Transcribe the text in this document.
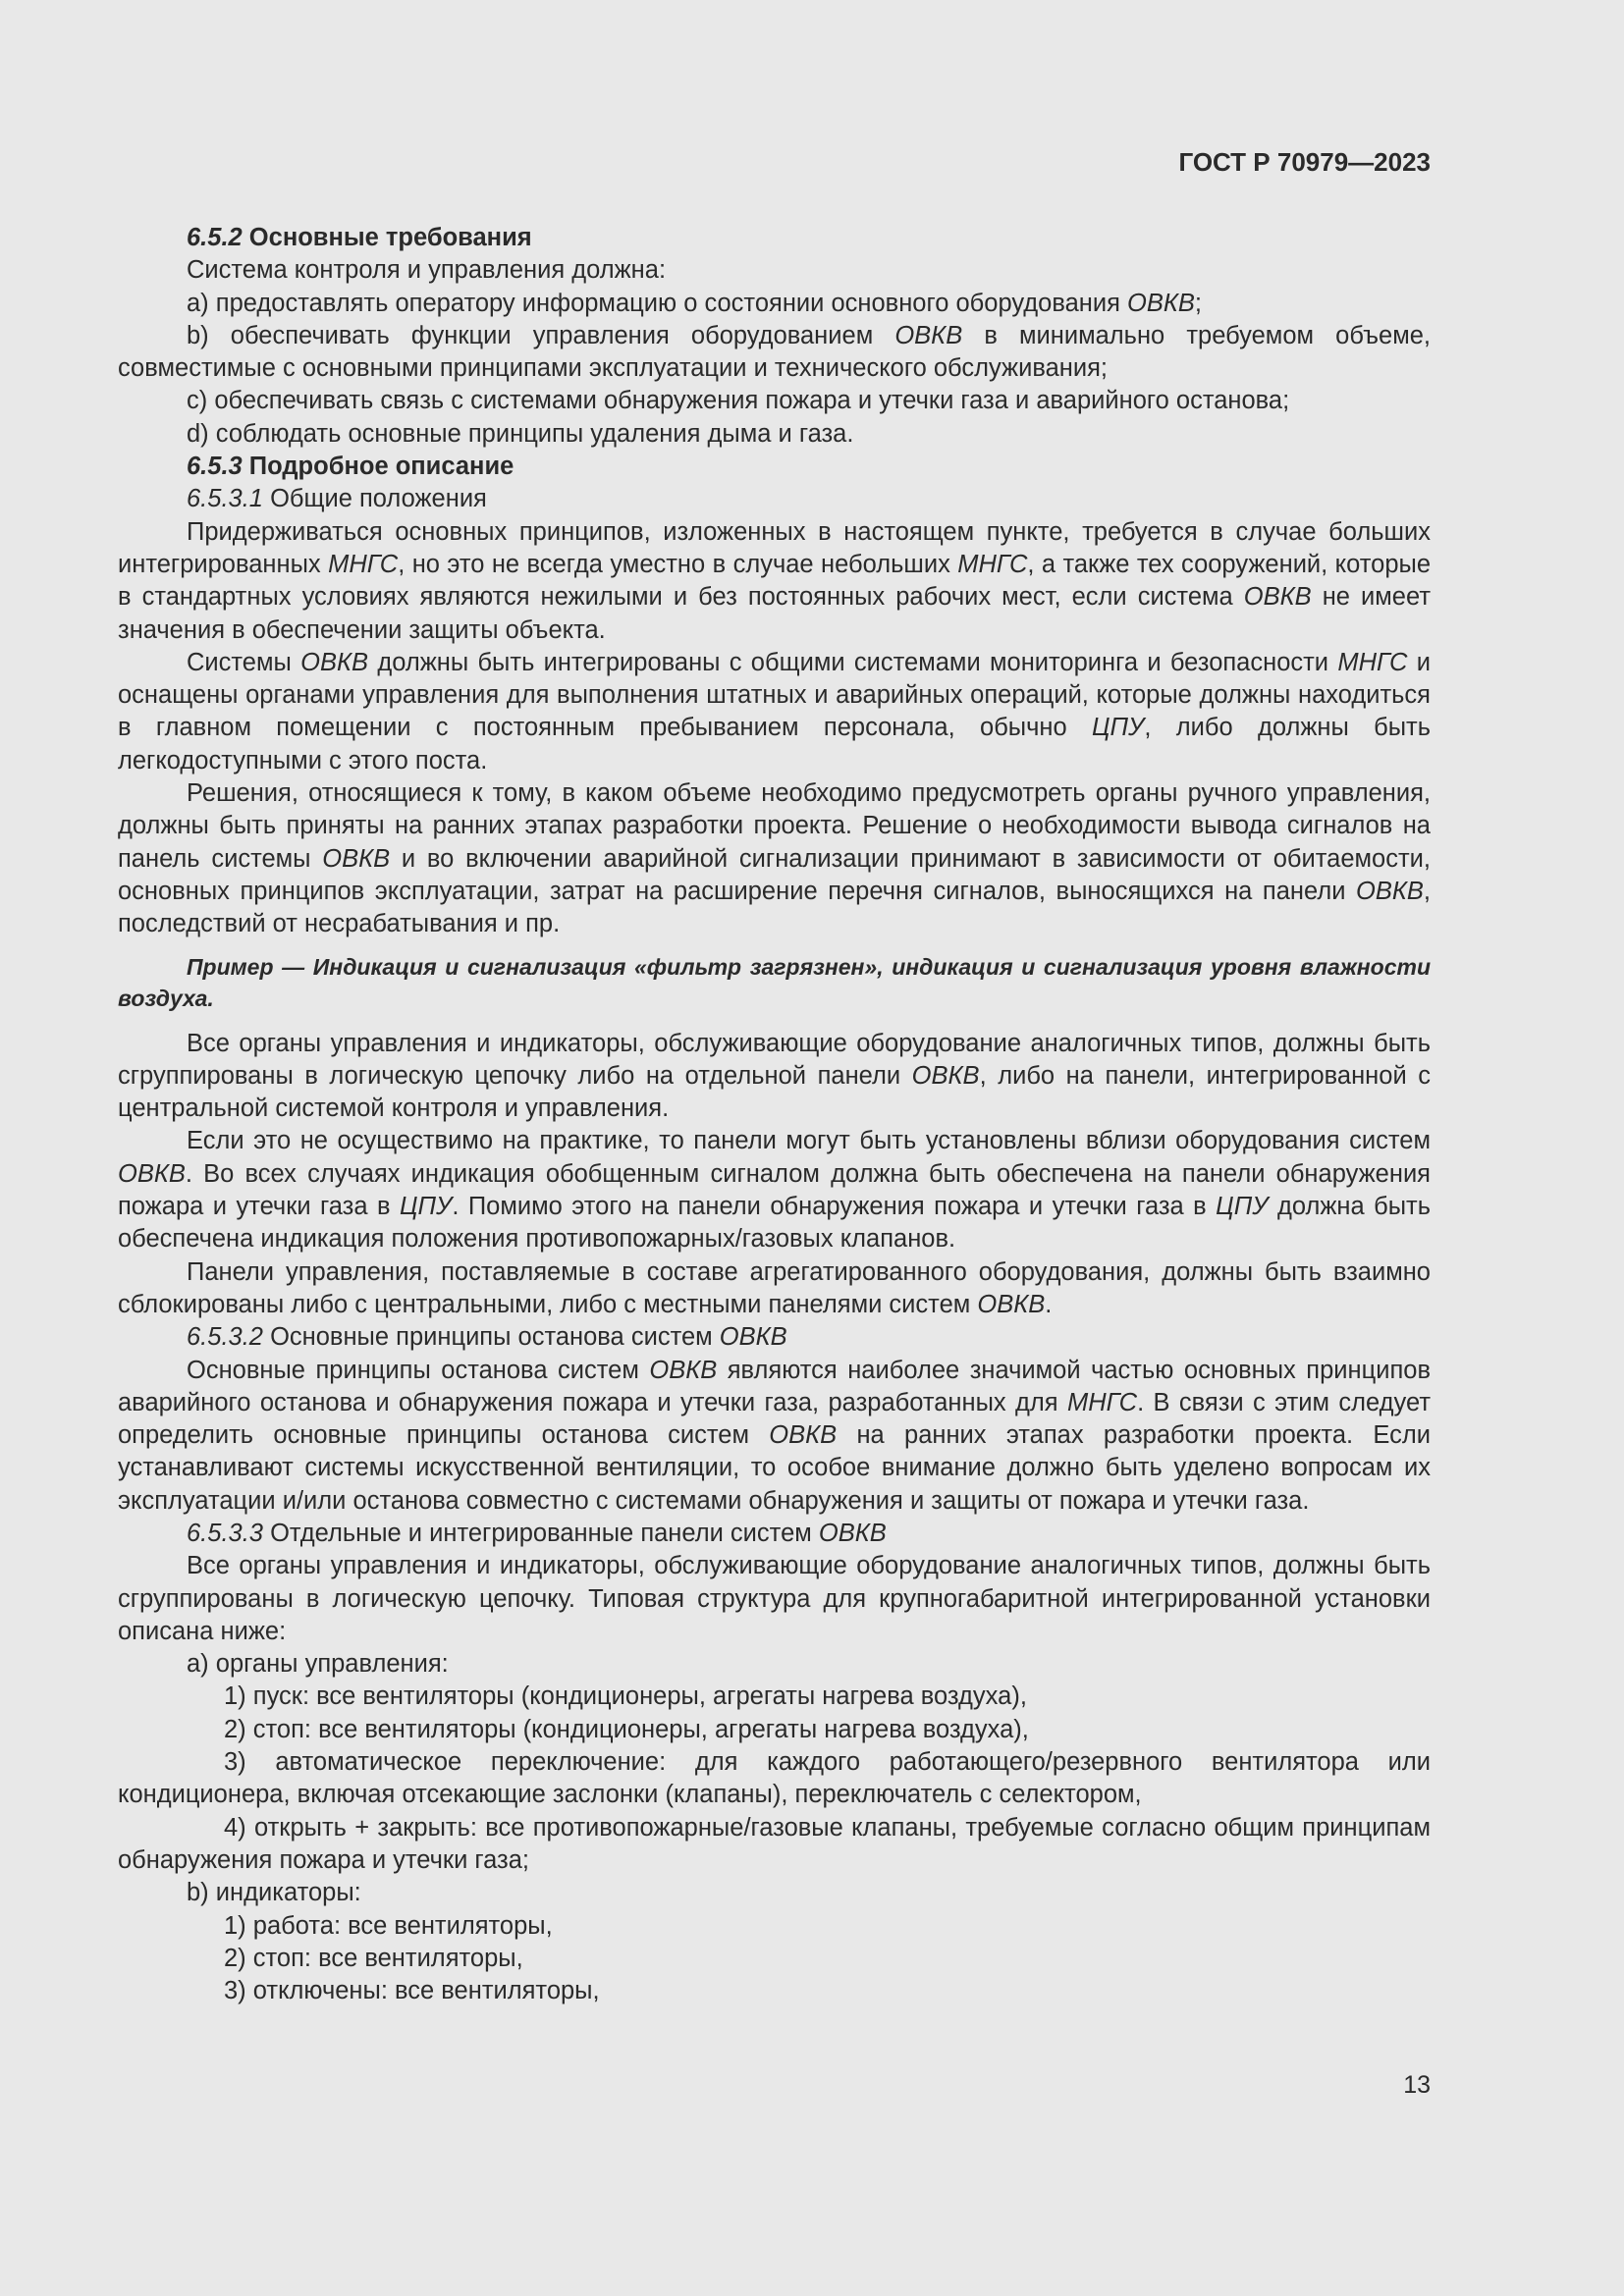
ГОСТ Р 70979—2023

6.5.2 Основные требования

Система контроля и управления должна:

a) предоставлять оператору информацию о состоянии основного оборудования ОВКВ;

b) обеспечивать функции управления оборудованием ОВКВ в минимально требуемом объеме, совместимые с основными принципами эксплуатации и технического обслуживания;

c) обеспечивать связь с системами обнаружения пожара и утечки газа и аварийного останова;

d) соблюдать основные принципы удаления дыма и газа.

6.5.3 Подробное описание

6.5.3.1 Общие положения

Придерживаться основных принципов, изложенных в настоящем пункте, требуется в случае больших интегрированных МНГС, но это не всегда уместно в случае небольших МНГС, а также тех сооружений, которые в стандартных условиях являются нежилыми и без постоянных рабочих мест, если система ОВКВ не имеет значения в обеспечении защиты объекта.

Системы ОВКВ должны быть интегрированы с общими системами мониторинга и безопасности МНГС и оснащены органами управления для выполнения штатных и аварийных операций, которые должны находиться в главном помещении с постоянным пребыванием персонала, обычно ЦПУ, либо должны быть легкодоступными с этого поста.

Решения, относящиеся к тому, в каком объеме необходимо предусмотреть органы ручного управления, должны быть приняты на ранних этапах разработки проекта. Решение о необходимости вывода сигналов на панель системы ОВКВ и во включении аварийной сигнализации принимают в зависимости от обитаемости, основных принципов эксплуатации, затрат на расширение перечня сигналов, выносящихся на панели ОВКВ, последствий от несрабатывания и пр.

Пример — Индикация и сигнализация «фильтр загрязнен», индикация и сигнализация уровня влажности воздуха.

Все органы управления и индикаторы, обслуживающие оборудование аналогичных типов, должны быть сгруппированы в логическую цепочку либо на отдельной панели ОВКВ, либо на панели, интегрированной с центральной системой контроля и управления.

Если это не осуществимо на практике, то панели могут быть установлены вблизи оборудования систем ОВКВ. Во всех случаях индикация обобщенным сигналом должна быть обеспечена на панели обнаружения пожара и утечки газа в ЦПУ. Помимо этого на панели обнаружения пожара и утечки газа в ЦПУ должна быть обеспечена индикация положения противопожарных/газовых клапанов.

Панели управления, поставляемые в составе агрегатированного оборудования, должны быть взаимно сблокированы либо с центральными, либо с местными панелями систем ОВКВ.

6.5.3.2 Основные принципы останова систем ОВКВ

Основные принципы останова систем ОВКВ являются наиболее значимой частью основных принципов аварийного останова и обнаружения пожара и утечки газа, разработанных для МНГС. В связи с этим следует определить основные принципы останова систем ОВКВ на ранних этапах разработки проекта. Если устанавливают системы искусственной вентиляции, то особое внимание должно быть уделено вопросам их эксплуатации и/или останова совместно с системами обнаружения и защиты от пожара и утечки газа.

6.5.3.3 Отдельные и интегрированные панели систем ОВКВ

Все органы управления и индикаторы, обслуживающие оборудование аналогичных типов, должны быть сгруппированы в логическую цепочку. Типовая структура для крупногабаритной интегрированной установки описана ниже:

a) органы управления:

1) пуск: все вентиляторы (кондиционеры, агрегаты нагрева воздуха),

2) стоп: все вентиляторы (кондиционеры, агрегаты нагрева воздуха),

3) автоматическое переключение: для каждого работающего/резервного вентилятора или кондиционера, включая отсекающие заслонки (клапаны), переключатель с селектором,

4) открыть + закрыть: все противопожарные/газовые клапаны, требуемые согласно общим принципам обнаружения пожара и утечки газа;

b) индикаторы:

1) работа: все вентиляторы,

2) стоп: все вентиляторы,

3) отключены: все вентиляторы,

13
